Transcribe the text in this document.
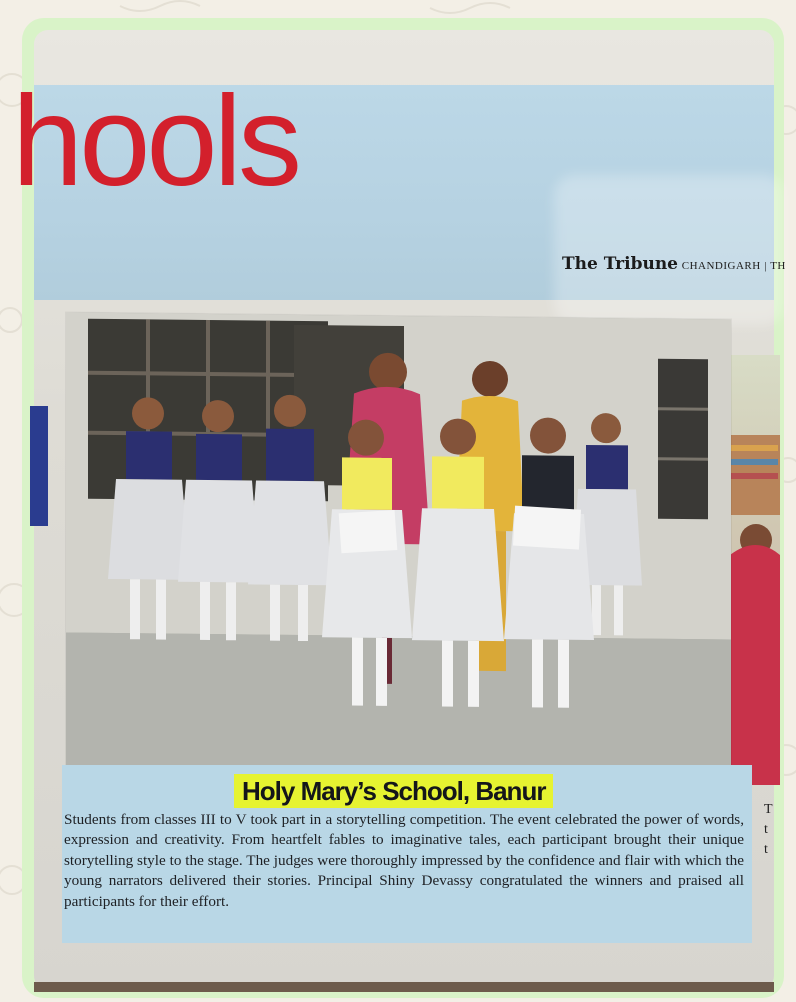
hools
The Tribune CHANDIGARH | TH
Holy Mary’s School, Banur
Students from classes III to V took part in a storytelling competition. The event celebrated the power of words, expression and creativity. From heartfelt fables to imaginative tales, each participant brought their unique storytelling style to the stage. The judges were thoroughly impressed by the confidence and flair with which the young narrators delivered their stories. Principal Shiny Devassy congratulated the winners and praised all participants for their effort.
T t t
